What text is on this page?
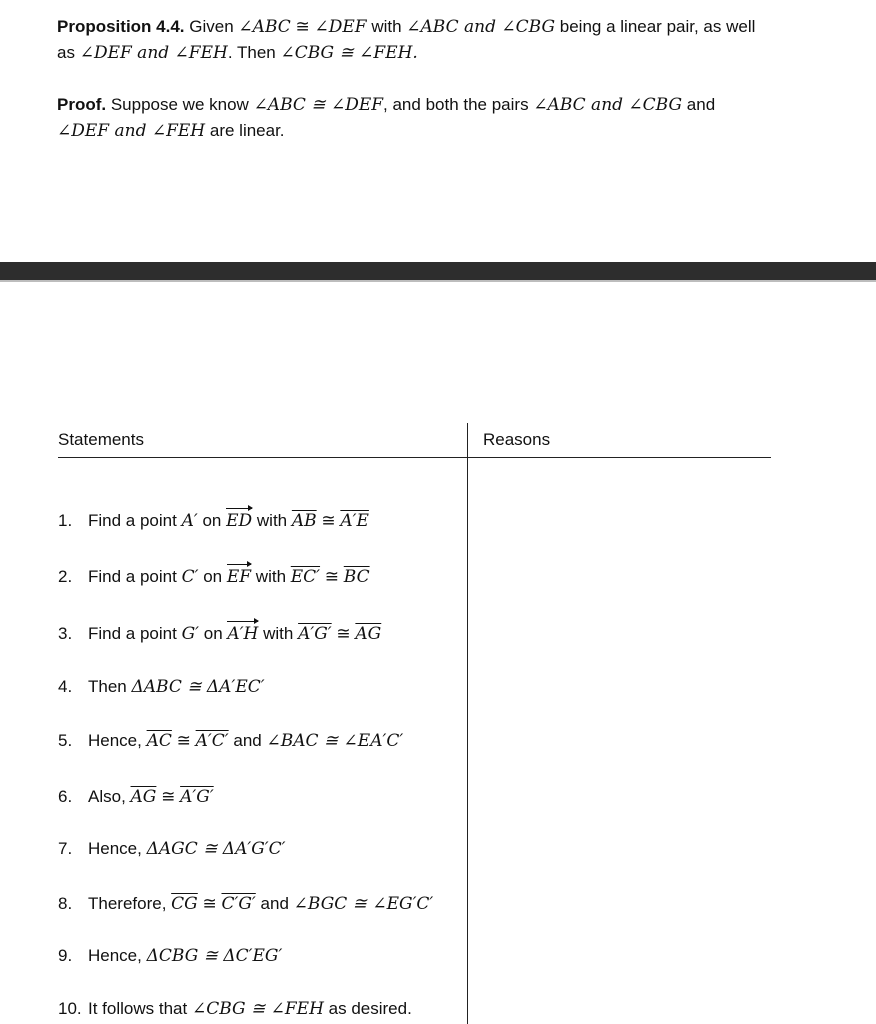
Proposition 4.4. Given ∠ABC ≅ ∠DEF with ∠ABC and ∠CBG being a linear pair, as well
as ∠DEF and ∠FEH. Then ∠CBG ≅ ∠FEH.
Proof. Suppose we know ∠ABC ≅ ∠DEF, and both the pairs ∠ABC and ∠CBG and
∠DEF and ∠FEH are linear.
Statements	Reasons
1. Find a point A′ on ED with $\overline{AB}$ ≅ A′E
2. Find a point C′ on EF with EC′ ≅ $\overline{BC}$
3. Find a point G′ on A′H with A′G′ ≅ $\overline{AG}$
4. Then ΔABC ≅ ΔA′EC′
5. Hence, $\overline{AC}$ ≅ A′C′ and ∠BAC ≅ ∠EA′C′
6. Also, $\overline{AG}$ ≅ A′G′
7. Hence, ΔAGC ≅ ΔA′G′C′
8. Therefore, $\overline{CG}$ ≅ C′G′ and ∠BGC ≅ ∠EG′C′
9. Hence, ΔCBG ≅ ΔC′EG′
10. It follows that ∠CBG ≅ ∠FEH as desired.
